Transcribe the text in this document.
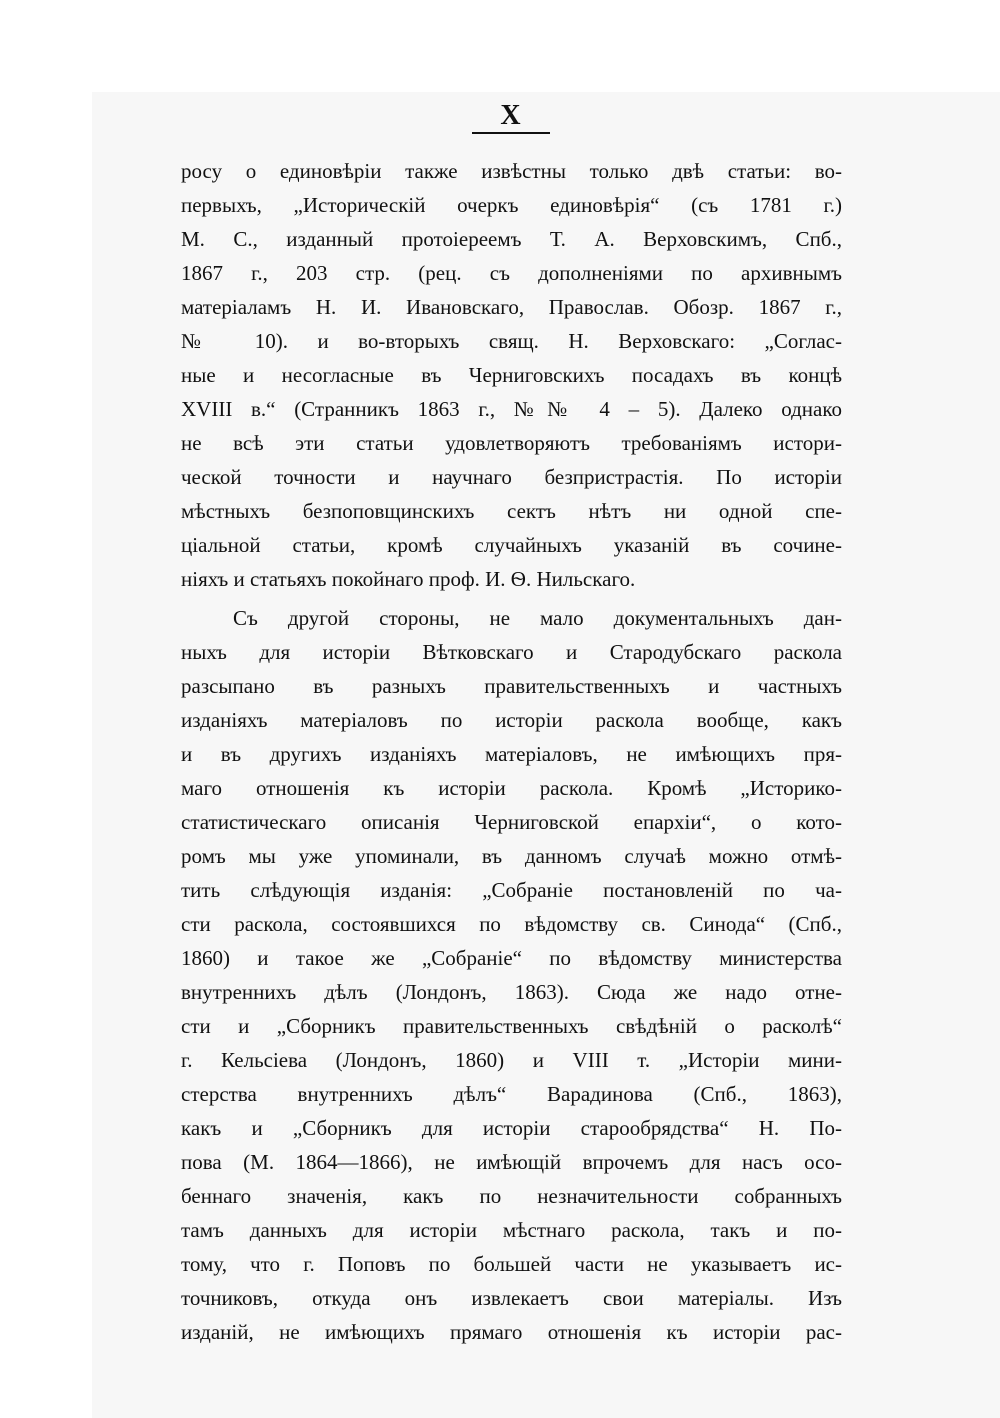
X
росу о единовѣріи также извѣстны только двѣ статьи: во-
первыхъ, „Историческій очеркъ единовѣрія“ (съ 1781 г.)
М. С., изданный протоіереемъ Т. А. Верховскимъ, Спб.,
1867 г., 203 стр. (рец. съ дополненіями по архивнымъ
матеріаламъ Н. И. Ивановскаго, Православ. Обозр. 1867 г.,
№ 10). и во-вторыхъ свящ. Н. Верховскаго: „Соглас-
ные и несогласные въ Черниговскихъ посадахъ въ концѣ
XVIII в.“ (Странникъ 1863 г., №№ 4 – 5). Далеко однако
не всѣ эти статьи удовлетворяютъ требованіямъ истори-
ческой точности и научнаго безпристрастія. По исторіи
мѣстныхъ безпоповщинскихъ сектъ нѣтъ ни одной спе-
ціальной статьи, кромѣ случайныхъ указаній въ сочине-
ніяхъ и статьяхъ покойнаго проф. И. Ѳ. Нильскаго.
Съ другой стороны, не мало документальныхъ дан-
ныхъ для исторіи Вѣтковскаго и Стародубскаго раскола
разсыпано въ разныхъ правительственныхъ и частныхъ
изданіяхъ матеріаловъ по исторіи раскола вообще, какъ
и въ другихъ изданіяхъ матеріаловъ, не имѣющихъ пря-
маго отношенія къ исторіи раскола. Кромѣ „Историко-
статистическаго описанія Черниговской епархіи“, о кото-
ромъ мы уже упоминали, въ данномъ случаѣ можно отмѣ-
тить слѣдующія изданія: „Собраніе постановленій по ча-
сти раскола, состоявшихся по вѣдомству св. Синода“ (Спб.,
1860) и такое же „Собраніе“ по вѣдомству министерства
внутреннихъ дѣлъ (Лондонъ, 1863). Сюда же надо отне-
сти и „Сборникъ правительственныхъ свѣдѣній о расколѣ“
г. Кельсіева (Лондонъ, 1860) и VIII т. „Исторіи мини-
стерства внутреннихъ дѣлъ“ Варадинова (Спб., 1863),
какъ и „Сборникъ для исторіи старообрядства“ Н. По-
пова (М. 1864—1866), не имѣющій впрочемъ для насъ осо-
беннаго значенія, какъ по незначительности собранныхъ
тамъ данныхъ для исторіи мѣстнаго раскола, такъ и по-
тому, что г. Поповъ по большей части не указываетъ ис-
точниковъ, откуда онъ извлекаетъ свои матеріалы. Изъ
изданій, не имѣющихъ прямаго отношенія къ исторіи рас-
